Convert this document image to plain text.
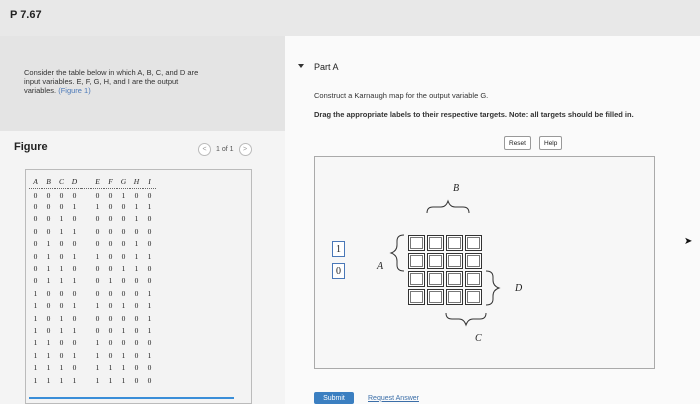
P 7.67
Consider the table below in which A, B, C, and D are
input variables. E, F, G, H, and I are the output
variables. (Figure 1)
Figure	<	1 of 1	>
A	B	C	D		E	F	G	H	I
0	0	0	0		0	0	1	0	0
0	0	0	1		1	0	0	1	1
0	0	1	0		0	0	0	1	0
0	0	1	1		0	0	0	0	0
0	1	0	0		0	0	0	1	0
0	1	0	1		1	0	0	1	1
0	1	1	0		0	0	1	1	0
0	1	1	1		0	1	0	0	0
1	0	0	0		0	0	0	0	1
1	0	0	1		1	0	1	0	1
1	0	1	0		0	0	0	0	1
1	0	1	1		0	0	1	0	1
1	1	0	0		1	0	0	0	0
1	1	0	1		1	0	1	0	1
1	1	1	0		1	1	1	0	0
1	1	1	1		1	1	1	0	0
Part A
Construct a Karnaugh map for the output variable G.
Drag the appropriate labels to their respective targets. Note: all targets should be filled in.
Reset	Help
1
0
B
A
D
C
Submit	Request Answer
➤
